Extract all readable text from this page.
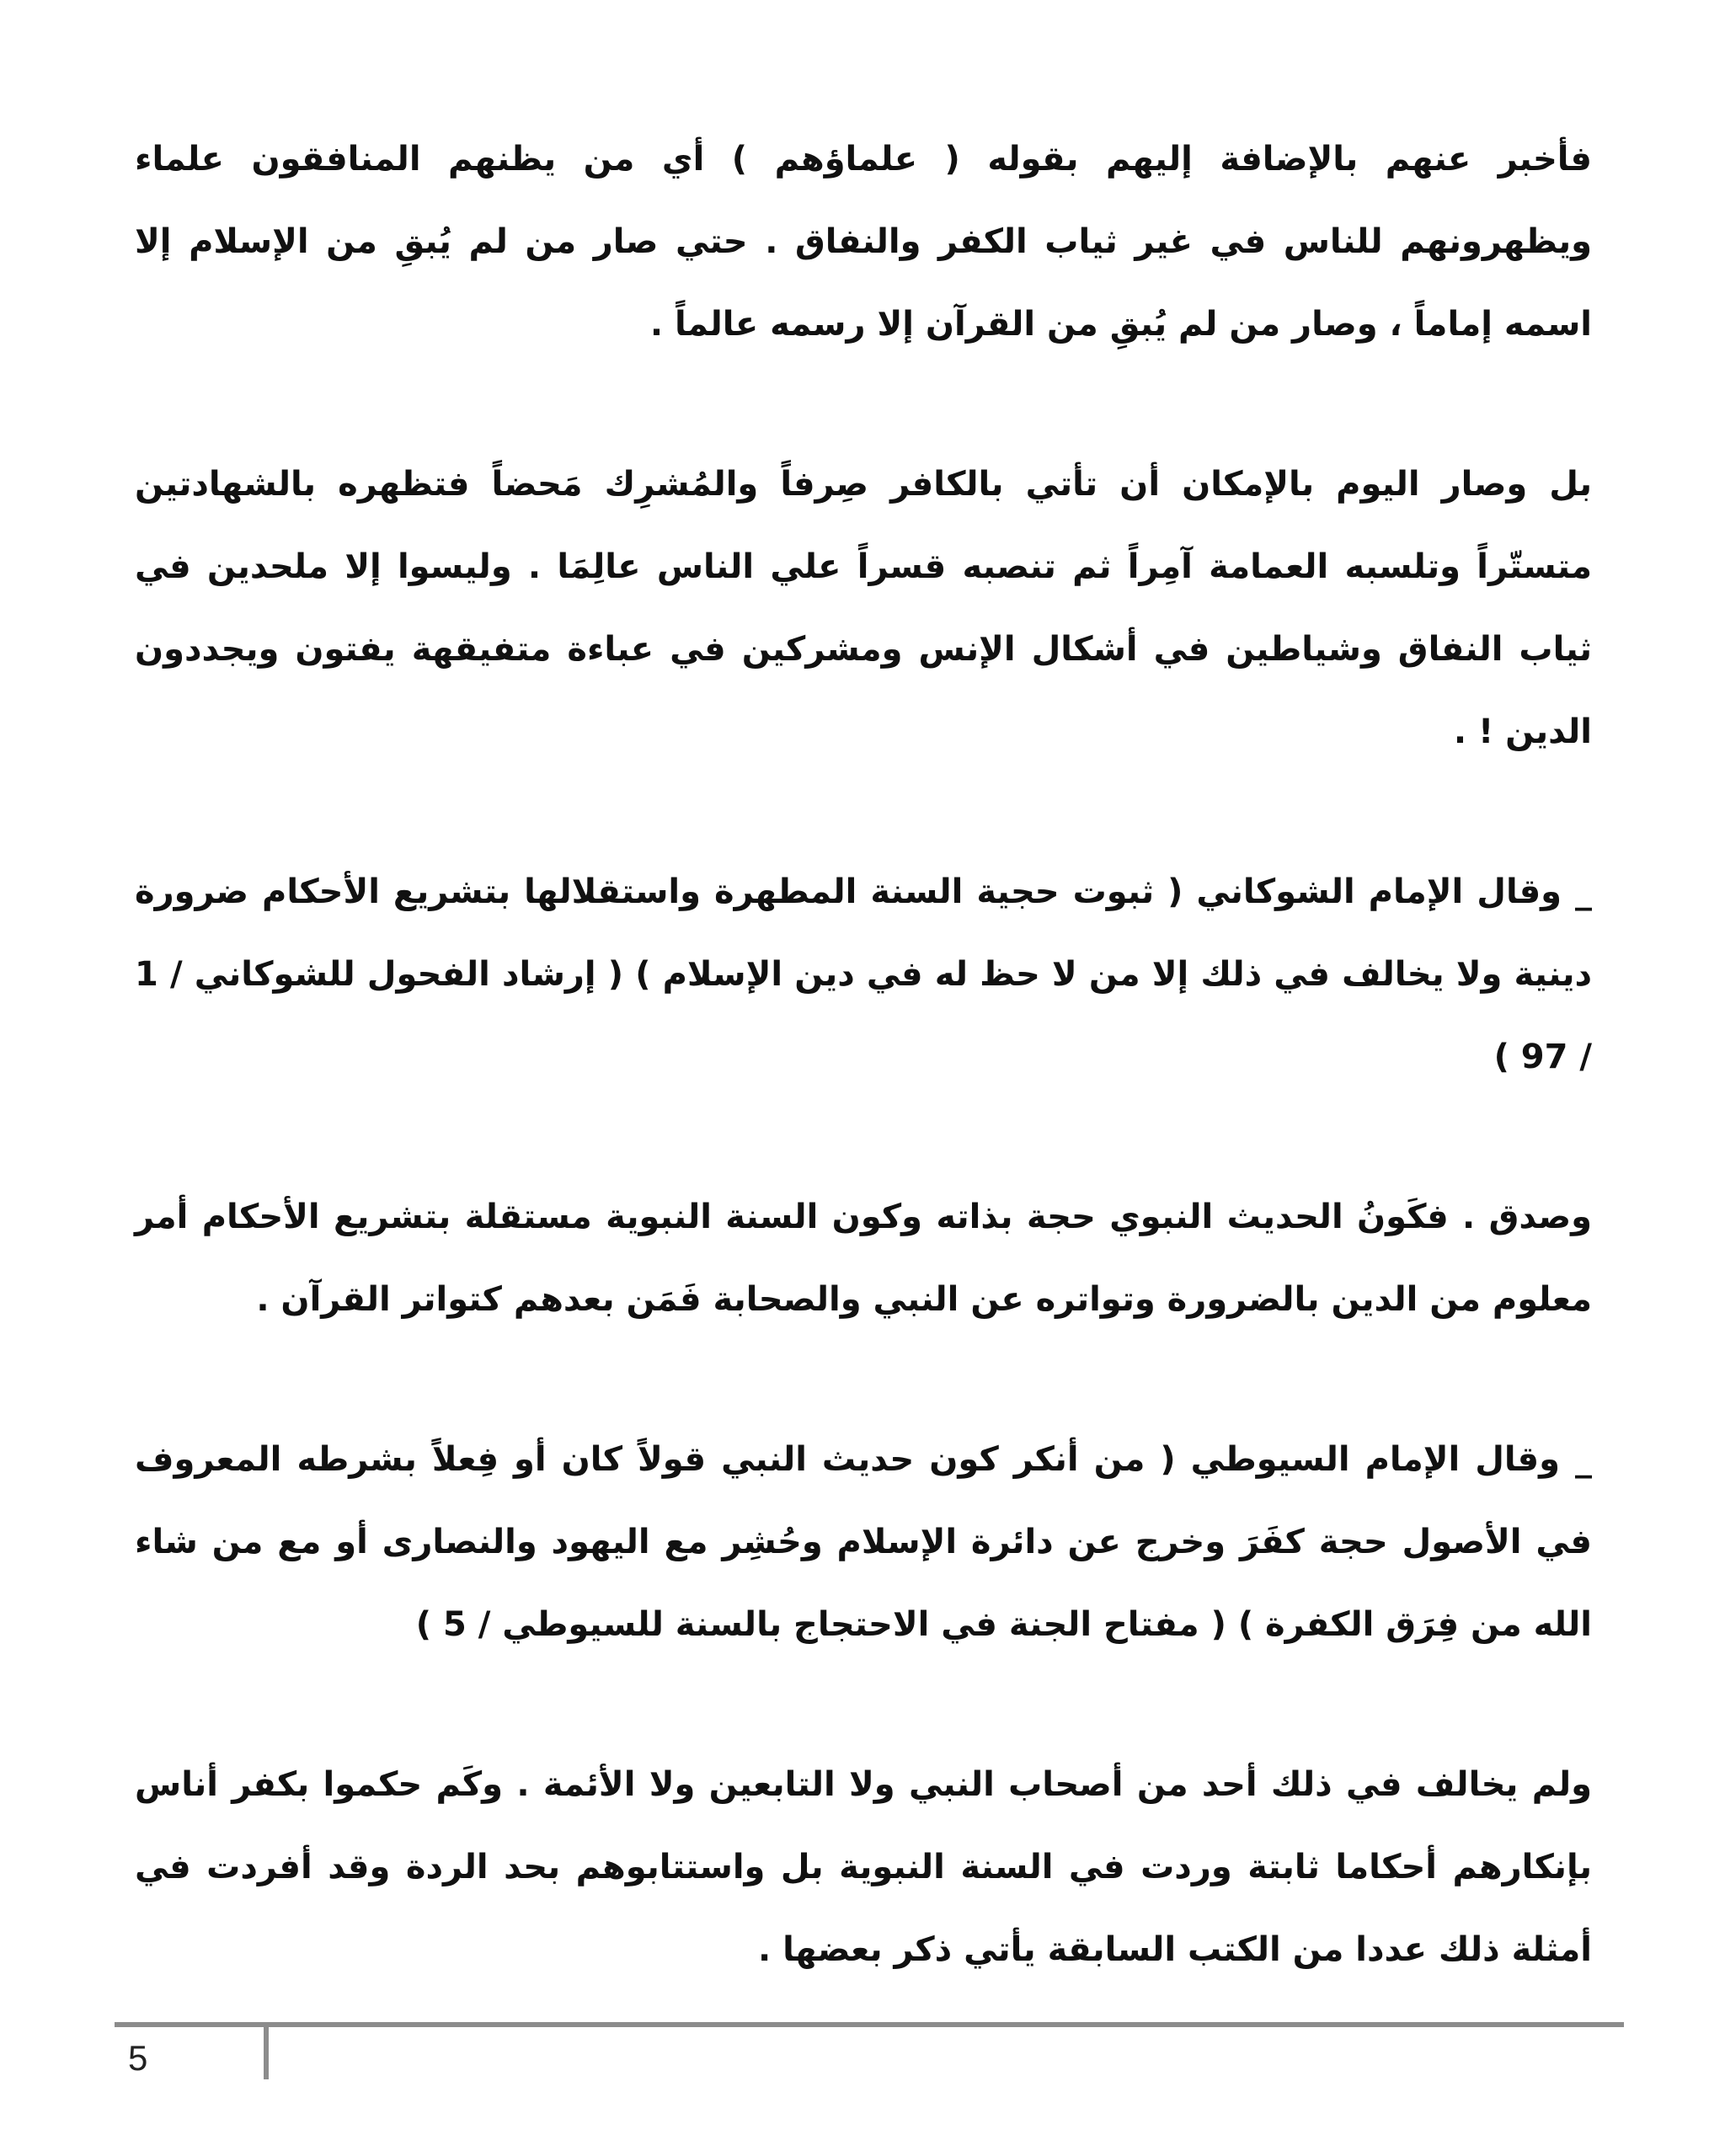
فأخبر عنهم بالإضافة إليهم بقوله ( علماؤهم ) أي من يظنهم المنافقون علماء ويظهرونهم للناس في غير ثياب الكفر والنفاق . حتي صار من لم يُبقِ من الإسلام إلا اسمه إماماً ، وصار من لم يُبقِ من القرآن إلا رسمه عالماً .

بل وصار اليوم بالإمكان أن تأتي بالكافر صِرفاً والمُشرِك مَحضاً فتظهره بالشهادتين متستّراً وتلسبه العمامة آمِراً ثم تنصبه قسراً علي الناس عالِمَا . وليسوا إلا ملحدين في ثياب النفاق وشياطين في أشكال الإنس ومشركين في عباءة متفيقهة يفتون ويجددون الدين ! .

_ وقال الإمام الشوكاني ( ثبوت حجية السنة المطهرة واستقلالها بتشريع الأحكام ضرورة دينية ولا يخالف في ذلك إلا من لا حظ له في دين الإسلام ) ( إرشاد الفحول للشوكاني / 1 / 97 )

وصدق . فكَونُ الحديث النبوي حجة بذاته وكون السنة النبوية مستقلة بتشريع الأحكام أمر معلوم من الدين بالضرورة وتواتره عن النبي والصحابة فَمَن بعدهم كتواتر القرآن .

_ وقال الإمام السيوطي ( من أنكر كون حديث النبي قولاً كان أو فِعلاً بشرطه المعروف في الأصول حجة كفَرَ وخرج عن دائرة الإسلام وحُشِر مع اليهود والنصارى أو مع من شاء الله من فِرَق الكفرة ) ( مفتاح الجنة في الاحتجاج بالسنة للسيوطي / 5 )

ولم يخالف في ذلك أحد من أصحاب النبي ولا التابعين ولا الأئمة . وكَم حكموا بكفر أناس بإنكارهم أحكاما ثابتة وردت في السنة النبوية بل واستتابوهم بحد الردة وقد أفردت في أمثلة ذلك عددا من الكتب السابقة يأتي ذكر بعضها .

5
